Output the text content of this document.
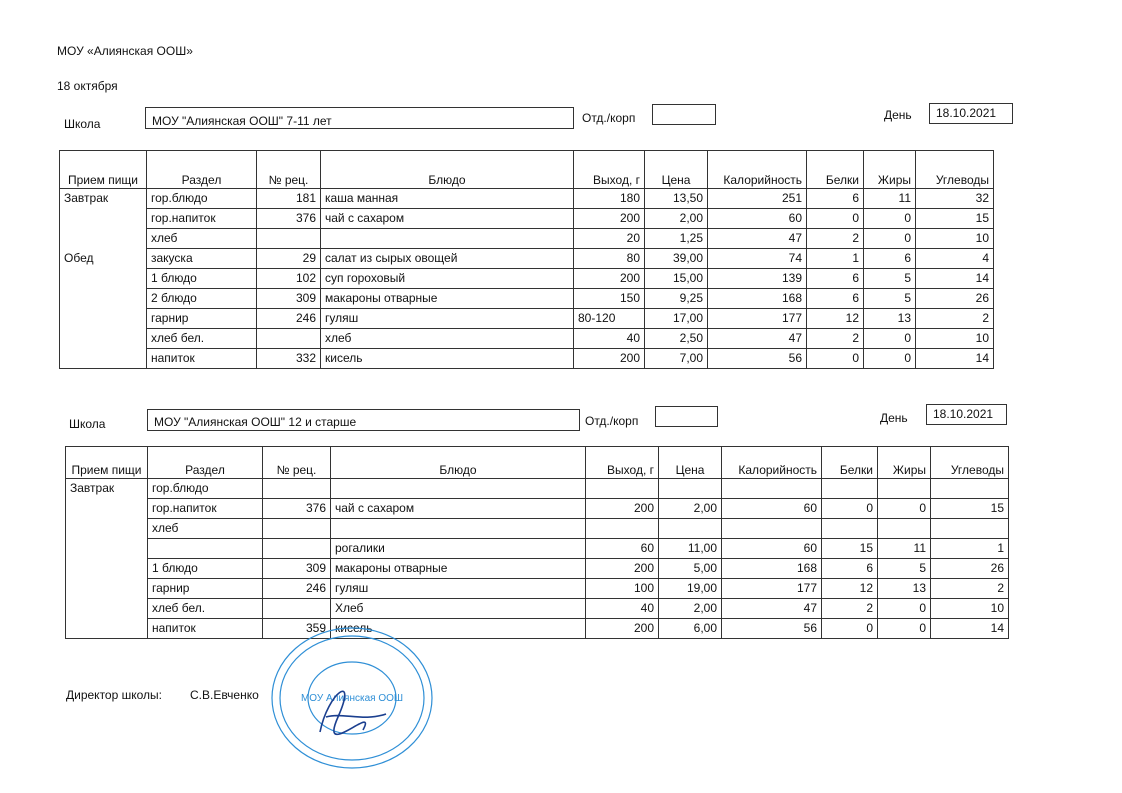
МОУ «Алиянская ООШ»
18 октября
Школа	МОУ "Алиянская ООШ" 7-11 лет	Отд./корп	День	18.10.2021
Прием пищи	Раздел	№ рец.	Блюдо	Выход, г	Цена	Калорийность	Белки	Жиры	Углеводы
Завтрак	гор.блюдо	181	каша манная	180	13,50	251	6	11	32
	гор.напиток	376	чай с сахаром	200	2,00	60	0	0	15
	хлеб			20	1,25	47	2	0	10
Обед	закуска	29	салат из сырых овощей	80	39,00	74	1	6	4
	1 блюдо	102	суп гороховый	200	15,00	139	6	5	14
	2 блюдо	309	макароны отварные	150	9,25	168	6	5	26
	гарнир	246	гуляш	80-120	17,00	177	12	13	2
	хлеб бел.		хлеб	40	2,50	47	2	0	10
	напиток	332	кисель	200	7,00	56	0	0	14
Школа	МОУ "Алиянская ООШ" 12 и старше	Отд./корп	День	18.10.2021
Прием пищи	Раздел	№ рец.	Блюдо	Выход, г	Цена	Калорийность	Белки	Жиры	Углеводы
Завтрак	гор.блюдо								
	гор.напиток	376	чай с сахаром	200	2,00	60	0	0	15
	хлеб								
			рогалики	60	11,00	60	15	11	1
	1 блюдо	309	макароны отварные	200	5,00	168	6	5	26
	гарнир	246	гуляш	100	19,00	177	12	13	2
	хлеб бел.		Хлеб	40	2,00	47	2	0	10
	напиток	359	кисель	200	6,00	56	0	0	14
Директор школы: С.В.Евченко	МОУ Алиянская ООШ
